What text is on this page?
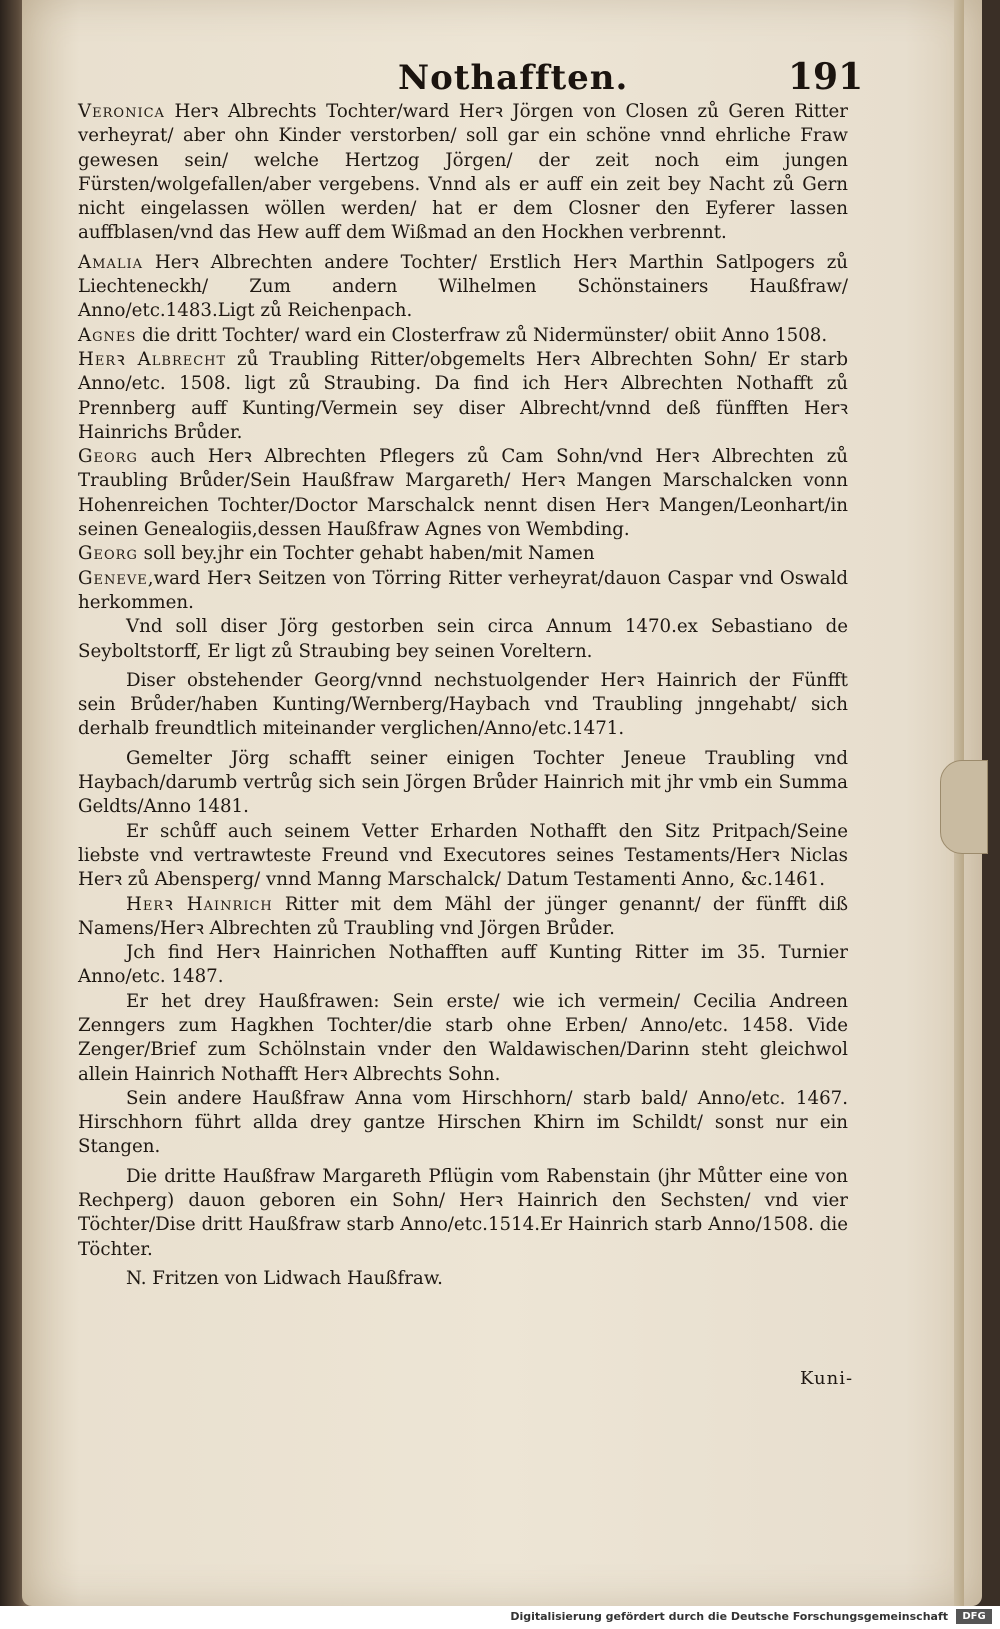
Nothafften.	191

Veronica Herꝛ Albrechts Tochter/ward Herꝛ Jörgen von Closen zů Geren Ritter verheyrat/ aber ohn Kinder verstorben/ soll gar ein schöne vnnd ehrliche Fraw gewesen sein/ welche Hertzog Jörgen/ der zeit noch eim jungen Fürsten/wolgefallen/aber vergebens. Vnnd als er auff ein zeit bey Nacht zů Gern nicht eingelassen wöllen werden/ hat er dem Closner den Eyferer lassen auffblasen/vnd das Hew auff dem Wißmad an den Hockhen verbrennt.

Amalia Herꝛ Albrechten andere Tochter/ Erstlich Herꝛ Marthin Satlpogers zů Liechteneckh/ Zum andern Wilhelmen Schönstainers Haußfraw/ Anno/etc.1483.Ligt zů Reichenpach.

Agnes die dritt Tochter/ ward ein Closterfraw zů Nidermünster/ obiit Anno 1508.

Herꝛ Albrecht zů Traubling Ritter/obgemelts Herꝛ Albrechten Sohn/ Er starb Anno/etc. 1508. ligt zů Straubing. Da find ich Herꝛ Albrechten Nothafft zů Prennberg auff Kunting/Vermein sey diser Albrecht/vnnd deß fünfften Herꝛ Hainrichs Brůder.

Georg auch Herꝛ Albrechten Pflegers zů Cam Sohn/vnd Herꝛ Albrechten zů Traubling Brůder/Sein Haußfraw Margareth/ Herꝛ Mangen Marschalcken vonn Hohenreichen Tochter/Doctor Marschalck nennt disen Herꝛ Mangen/Leonhart/in seinen Genealogiis,dessen Haußfraw Agnes von Wembding.

Georg soll bey.jhr ein Tochter gehabt haben/mit Namen

Geneve,ward Herꝛ Seitzen von Törring Ritter verheyrat/dauon Caspar vnd Oswald herkommen.

Vnd soll diser Jörg gestorben sein circa Annum 1470.ex Sebastiano de Seyboltstorff, Er ligt zů Straubing bey seinen Voreltern.

Diser obstehender Georg/vnnd nechstuolgender Herꝛ Hainrich der Fünfft sein Brůder/haben Kunting/Wernberg/Haybach vnd Traubling jnngehabt/ sich derhalb freundtlich miteinander verglichen/Anno/etc.1471.

Gemelter Jörg schafft seiner einigen Tochter Jeneue Traubling vnd Haybach/darumb vertrůg sich sein Jörgen Brůder Hainrich mit jhr vmb ein Summa Geldts/Anno 1481.

Er schůff auch seinem Vetter Erharden Nothafft den Sitz Pritpach/Seine liebste vnd vertrawteste Freund vnd Executores seines Testaments/Herꝛ Niclas Herꝛ zů Abensperg/ vnnd Manng Marschalck/ Datum Testamenti Anno, &c.1461.

Herꝛ Hainrich Ritter mit dem Mähl der jünger genannt/ der fünfft diß Namens/Herꝛ Albrechten zů Traubling vnd Jörgen Brůder.

Jch find Herꝛ Hainrichen Nothafften auff Kunting Ritter im 35. Turnier Anno/etc. 1487.

Er het drey Haußfrawen: Sein erste/ wie ich vermein/ Cecilia Andreen Zenngers zum Hagkhen Tochter/die starb ohne Erben/ Anno/etc. 1458. Vide Zenger/Brief zum Schölnstain vnder den Waldawischen/Darinn steht gleichwol allein Hainrich Nothafft Herꝛ Albrechts Sohn.

Sein andere Haußfraw Anna vom Hirschhorn/ starb bald/ Anno/etc. 1467. Hirschhorn führt allda drey gantze Hirschen Khirn im Schildt/ sonst nur ein Stangen.

Die dritte Haußfraw Margareth Pflügin vom Rabenstain (jhr Můtter eine von Rechperg) dauon geboren ein Sohn/ Herꝛ Hainrich den Sechsten/ vnd vier Töchter/Dise dritt Haußfraw starb Anno/etc.1514.Er Hainrich starb Anno/1508. die Töchter.

N. Fritzen von Lidwach Haußfraw.

Kuni-
Digitalisierung gefördert durch die Deutsche Forschungsgemeinschaft	DFG
